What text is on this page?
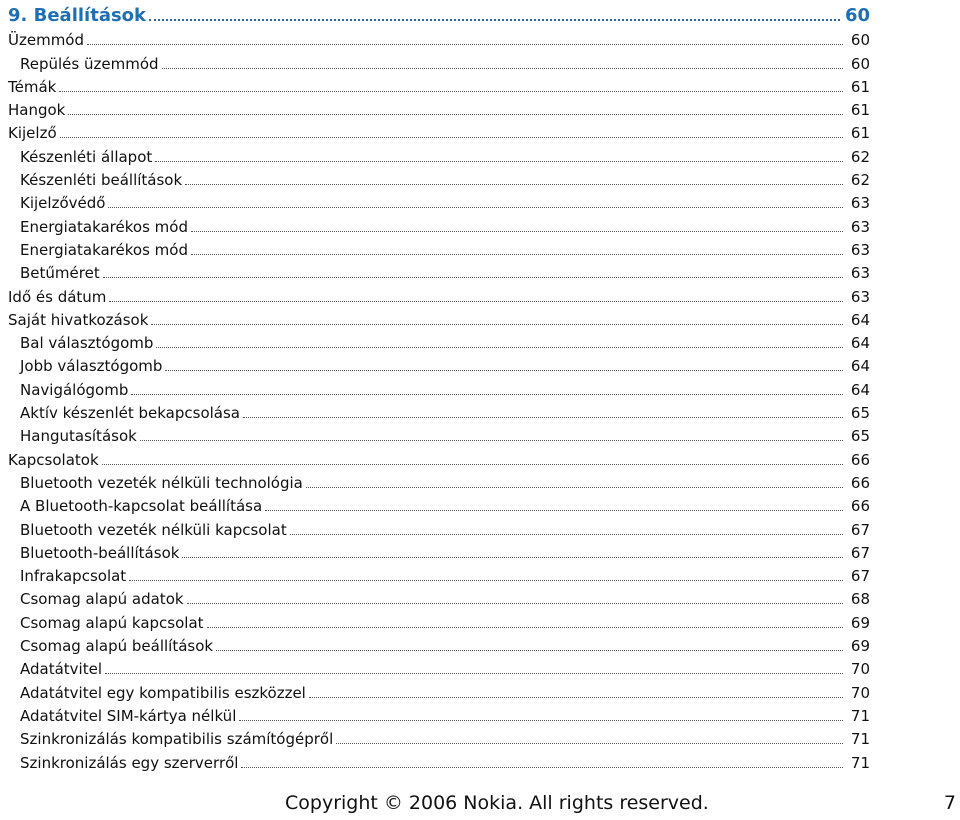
9. Beállítások	60
Üzemmód	60
Repülés üzemmód	60
Témák	61
Hangok	61
Kijelző	61
Készenléti állapot	62
Készenléti beállítások	62
Kijelzővédő	63
Energiatakarékos mód	63
Energiatakarékos mód	63
Betűméret	63
Idő és dátum	63
Saját hivatkozások	64
Bal választógomb	64
Jobb választógomb	64
Navigálógomb	64
Aktív készenlét bekapcsolása	65
Hangutasítások	65
Kapcsolatok	66
Bluetooth vezeték nélküli technológia	66
A Bluetooth-kapcsolat beállítása	66
Bluetooth vezeték nélküli kapcsolat	67
Bluetooth-beállítások	67
Infrakapcsolat	67
Csomag alapú adatok	68
Csomag alapú kapcsolat	69
Csomag alapú beállítások	69
Adatátvitel	70
Adatátvitel egy kompatibilis eszközzel	70
Adatátvitel SIM-kártya nélkül	71
Szinkronizálás kompatibilis számítógépről	71
Szinkronizálás egy szerverről	71
Copyright © 2006 Nokia. All rights reserved.	7
